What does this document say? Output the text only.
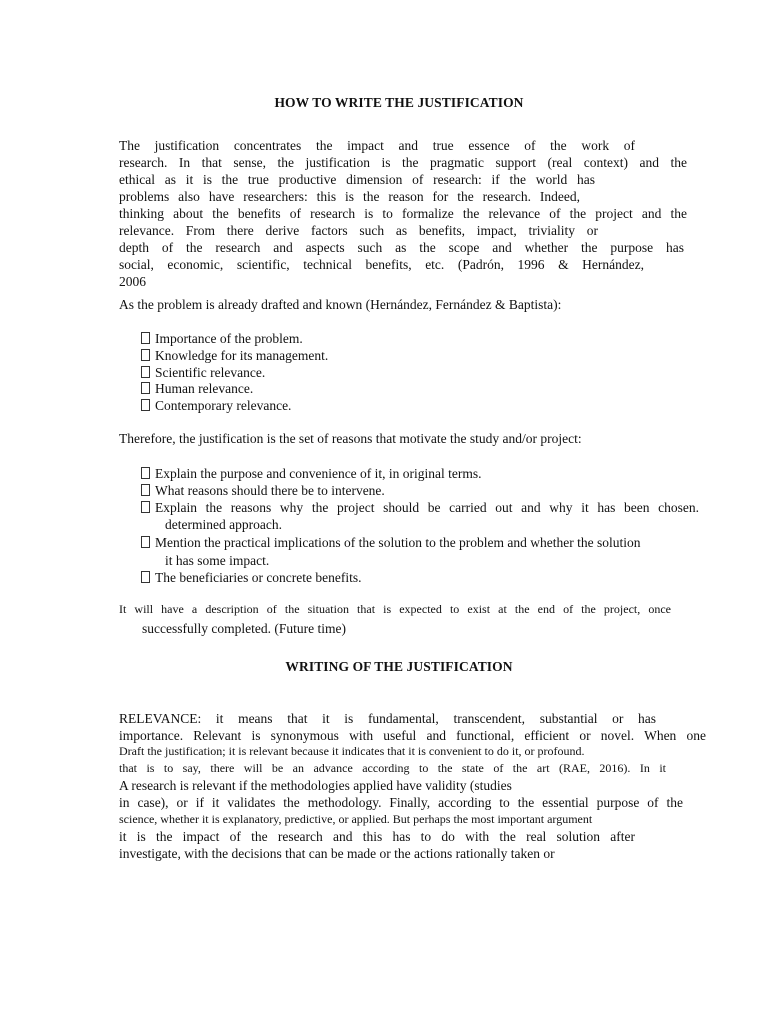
HOW TO WRITE THE JUSTIFICATION
The justification concentrates the impact and true essence of the work of
research. In that sense, the justification is the pragmatic support (real context) and the
ethical as it is the true productive dimension of research: if the world has
problems also have researchers: this is the reason for the research. Indeed,
thinking about the benefits of research is to formalize the relevance of the project and the
relevance. From there derive factors such as benefits, impact, triviality or
depth of the research and aspects such as the scope and whether the purpose has
social, economic, scientific, technical benefits, etc. (Padrón, 1996 & Hernández,
2006
As the problem is already drafted and known (Hernández, Fernández & Baptista):
Importance of the problem.
Knowledge for its management.
Scientific relevance.
Human relevance.
Contemporary relevance.
Therefore, the justification is the set of reasons that motivate the study and/or project:
Explain the purpose and convenience of it, in original terms.
What reasons should there be to intervene.
Explain the reasons why the project should be carried out and why it has been chosen.
determined approach.
Mention the practical implications of the solution to the problem and whether the solution
it has some impact.
The beneficiaries or concrete benefits.
It will have a description of the situation that is expected to exist at the end of the project, once
successfully completed. (Future time)
WRITING OF THE JUSTIFICATION
RELEVANCE: it means that it is fundamental, transcendent, substantial or has
importance. Relevant is synonymous with useful and functional, efficient or novel. When one
Draft the justification; it is relevant because it indicates that it is convenient to do it, or profound.
that is to say, there will be an advance according to the state of the art (RAE, 2016). In it
A research is relevant if the methodologies applied have validity (studies
in case), or if it validates the methodology. Finally, according to the essential purpose of the
science, whether it is explanatory, predictive, or applied. But perhaps the most important argument
it is the impact of the research and this has to do with the real solution after
investigate, with the decisions that can be made or the actions rationally taken or
